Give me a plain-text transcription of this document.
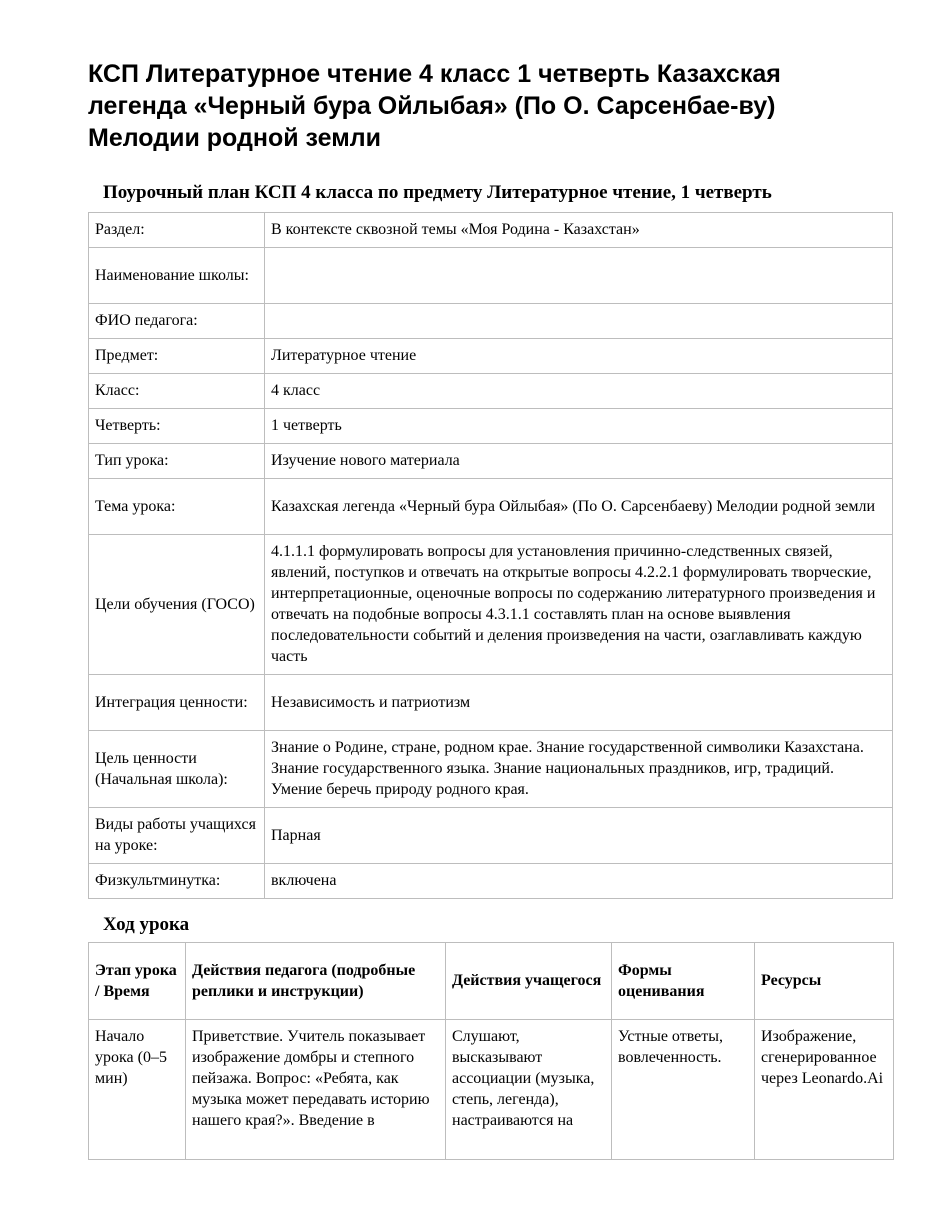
КСП Литературное чтение 4 класс 1 четверть Казахская
легенда «Черный бура Ойлыбая» (По О. Сарсенбае-ву)
Мелодии родной земли
Поурочный план КСП 4 класса по предмету Литературное чтение, 1 четверть
Раздел:	В контексте сквозной темы «Моя Родина - Казахстан»
Наименование школы:	
ФИО педагога:	
Предмет:	Литературное чтение
Класс:	4 класс
Четверть:	1 четверть
Тип урока:	Изучение нового материала
Тема урока:	Казахская легенда «Черный бура Ойлыбая» (По О. Сарсенбаеву) Мелодии родной земли
Цели обучения (ГОСО)	4.1.1.1 формулировать вопросы для установления причинно-следственных связей, явлений, поступков и отвечать на открытые вопросы 4.2.2.1 формулировать творческие, интерпретационные, оценочные вопросы по содержанию литературного произведения и отвечать на подобные вопросы 4.3.1.1 составлять план на основе выявления последовательности событий и деления произведения на части, озаглавливать каждую часть
Интеграция ценности:	Независимость и патриотизм
Цель ценности (Начальная школа):	Знание о Родине, стране, родном крае. Знание государственной символики Казахстана. Знание государственного языка. Знание национальных праздников, игр, традиций. Умение беречь природу родного края.
Виды работы учащихся на уроке:	Парная
Физкультминутка:	включена
Ход урока
Этап урока / Время	Действия педагога (подробные реплики и инструкции)	Действия учащегося	Формы оценивания	Ресурсы
Начало урока (0–5 мин)	Приветствие. Учитель показывает изображение домбры и степного пейзажа. Вопрос: «Ребята, как музыка может передавать историю нашего края?». Введение в	Слушают, высказывают ассоциации (музыка, степь, легенда), настраиваются на	Устные ответы, вовлеченность.	Изображение, сгенерированное через Leonardo.Ai
